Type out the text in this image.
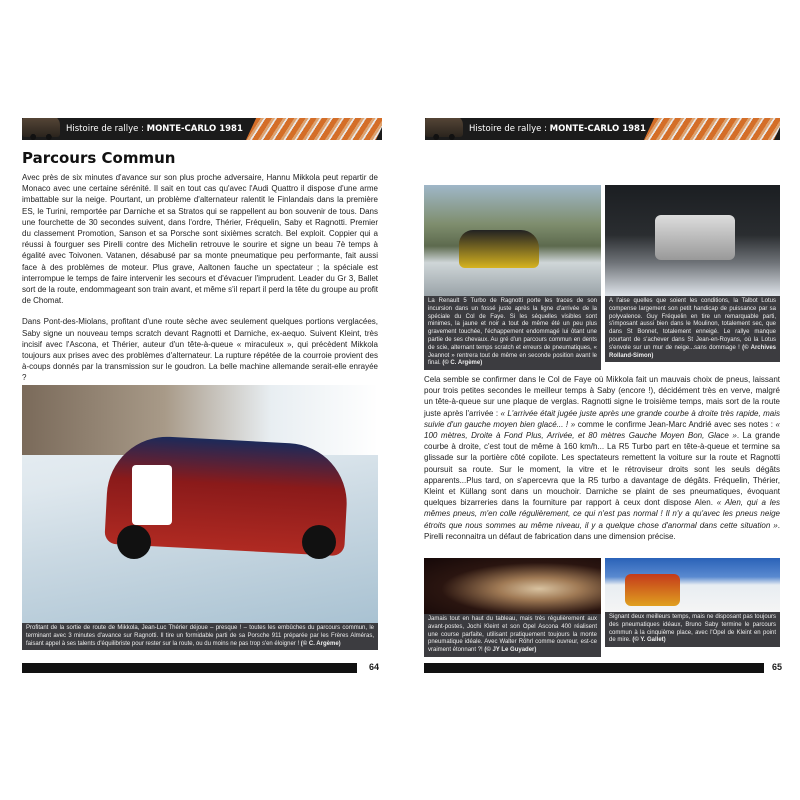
Histoire de rallye : MONTE-CARLO 1981
Parcours Commun

Avec près de six minutes d'avance sur son plus proche adversaire, Hannu Mikkola peut repartir de Monaco avec une certaine sérénité. Il sait en tout cas qu'avec l'Audi Quattro il dispose d'une arme imbattable sur la neige. Pourtant, un problème d'alternateur ralentit le Finlandais dans la première ES, le Turini, remportée par Darniche et sa Stratos qui se rappellent au bon souvenir de tous. Dans une fourchette de 30 secondes suivent, dans l'ordre, Thérier, Fréquelin, Saby et Ragnotti. Premier du classement Promotion, Sanson et sa Porsche sont sixièmes scratch. Bel exploit. Coppier qui a réussi à fourguer ses Pirelli contre des Michelin retrouve le sourire et signe un beau 7è temps à égalité avec Toivonen. Vatanen, désabusé par sa monte pneumatique peu performante, fait aussi face à des problèmes de moteur. Plus grave, Aaltonen fauche un spectateur ; la spéciale est interrompue le temps de faire intervenir les secours et d'évacuer l'imprudent. Leader du Gr 3, Ballet sort de la route, endommageant son train avant, et même s'il repart il perd la tête du groupe au profit de Chomat.

Dans Pont-des-Miolans, profitant d'une route sèche avec seulement quelques portions verglacées, Saby signe un nouveau temps scratch devant Ragnotti et Darniche, ex-aequo. Suivent Kleint, très incisif avec l'Ascona, et Thérier, auteur d'un tête-à-queue « miraculeux », qui précèdent Mikkola toujours aux prises avec des problèmes d'alternateur. La rupture répétée de la courroie provient des à-coups donnés par la transmission sur le goudron. La belle machine allemande serait-elle enrayée ?

Profitant de la sortie de route de Mikkola, Jean-Luc Thérier déjoue – presque ! – toutes les embûches du parcours commun, le terminant avec 3 minutes d'avance sur Ragnotti. Il tire un formidable parti de sa Porsche 911 préparée par les Frères Alméras, faisant appel à ses talents d'équilibriste pour rester sur la route, ou du moins ne pas trop s'en éloigner ! (© C. Argème)
64
Histoire de rallye : MONTE-CARLO 1981
La Renault 5 Turbo de Ragnotti porte les traces de son incursion dans un fossé juste après la ligne d'arrivée de la spéciale du Col de Faye. Si les séquelles visibles sont minimes, la jaune et noir a tout de même été un peu plus gravement touchée, l'échappement endommagé lui ôtant une partie de ses chevaux. Au gré d'un parcours commun en dents de scie, alternant temps scratch et erreurs de pneumatiques, « Jeannot » rentrera tout de même en seconde position avant le final. (© C. Argème)
A l'aise quelles que soient les conditions, la Talbot Lotus compense largement son petit handicap de puissance par sa polyvalence. Guy Fréquelin en tire un remarquable parti, s'imposant aussi bien dans le Moulinon, totalement sec, que dans St Bonnet, totalement enneigé. Le rallye manque pourtant de s'achever dans St Jean-en-Royans, où la Lotus s'envole sur un mur de neige...sans dommage ! (© Archives Rolland-Simon)
Cela semble se confirmer dans le Col de Faye où Mikkola fait un mauvais choix de pneus, laissant pour trois petites secondes le meilleur temps à Saby (encore !), décidément très en verve, malgré un tête-à-queue sur une plaque de verglas. Ragnotti signe le troisième temps, mais sort de la route juste après l'arrivée : « L'arrivée était jugée juste après une grande courbe à droite très rapide, mais suivie d'un gauche moyen bien glacé... ! » comme le confirme Jean-Marc Andrié avec ses notes : « 100 mètres, Droite à Fond Plus, Arrivée, et 80 mètres Gauche Moyen Bon, Glace ». La grande courbe à droite, c'est tout de même à 160 km/h... La R5 Turbo part en tête-à-queue et termine sa glissade sur la portière côté copilote. Les spectateurs remettent la voiture sur la route et Ragnotti poursuit sa route. Sur le moment, la vitre et le rétroviseur droits sont les seuls dégâts apparents...Plus tard, on s'apercevra que la R5 turbo a davantage de dégâts. Fréquelin, Thérier, Kleint et Küllang sont dans un mouchoir. Darniche se plaint de ses pneumatiques, évoquant quelques bizarreries dans la fourniture par rapport à ceux dont dispose Alen. « Alen, qui a les mêmes pneus, m'en colle régulièrement, ce qui n'est pas normal ! Il n'y a qu'avec les pneus neige étroits que nous sommes au même niveau, il y a quelque chose d'anormal dans cette situation ». Pirelli reconnaitra un défaut de fabrication dans une dimension précise.
Jamais tout en haut du tableau, mais très régulièrement aux avant-postes, Jochi Kleint et son Opel Ascona 400 réalisent une course parfaite, utilisant pratiquement toujours la monte pneumatique idéale. Avec Walter Röhrl comme ouvreur, est-ce vraiment étonnant ?! (© JY Le Guyader)
Signant deux meilleurs temps, mais ne disposant pas toujours des pneumatiques idéaux, Bruno Saby termine le parcours commun à la cinquième place, avec l'Opel de Kleint en point de mire. (© Y. Gallet)
65
